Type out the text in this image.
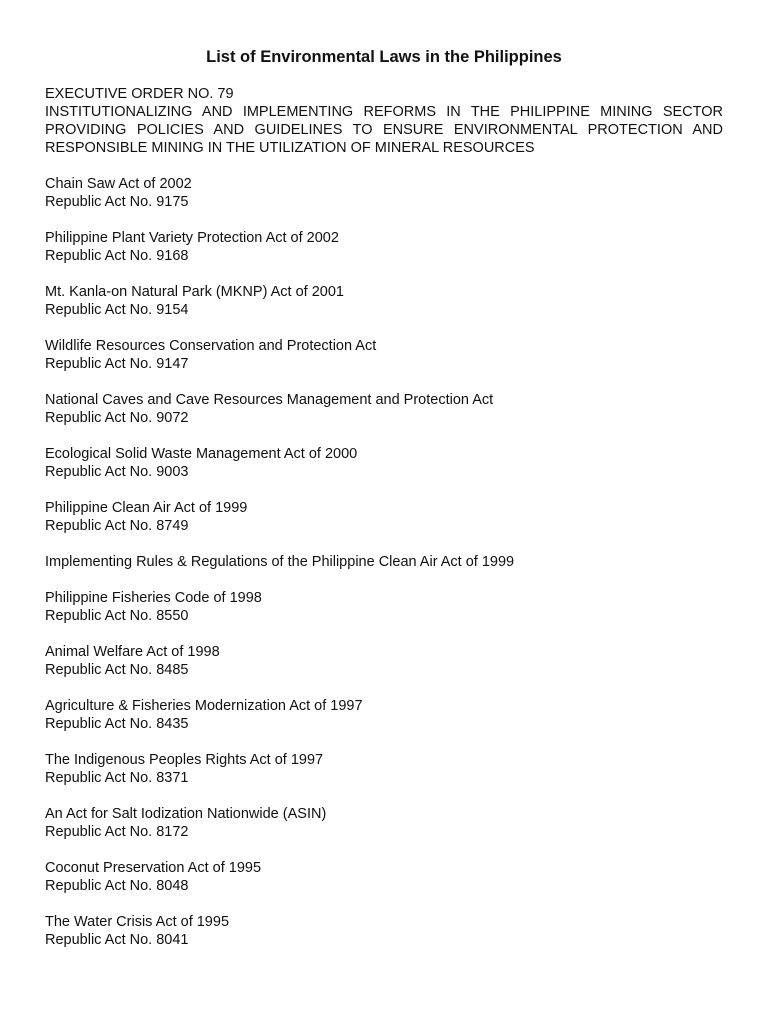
List of Environmental Laws in the Philippines
EXECUTIVE ORDER NO. 79
INSTITUTIONALIZING AND IMPLEMENTING REFORMS IN THE PHILIPPINE MINING SECTOR PROVIDING POLICIES AND GUIDELINES TO ENSURE ENVIRONMENTAL PROTECTION AND RESPONSIBLE MINING IN THE UTILIZATION OF MINERAL RESOURCES
Chain Saw Act of 2002
Republic Act No. 9175
Philippine Plant Variety Protection Act of 2002
Republic Act No. 9168
Mt. Kanla-on Natural Park (MKNP) Act of 2001
Republic Act No. 9154
Wildlife Resources Conservation and Protection Act
Republic Act No. 9147
National Caves and Cave Resources Management and Protection Act
Republic Act No. 9072
Ecological Solid Waste Management Act of 2000
Republic Act No. 9003
Philippine Clean Air Act of 1999
Republic Act No. 8749
Implementing Rules & Regulations of the Philippine Clean Air Act of 1999
Philippine Fisheries Code of 1998
Republic Act No. 8550
Animal Welfare Act of 1998
Republic Act No. 8485
Agriculture & Fisheries Modernization Act of 1997
Republic Act No. 8435
The Indigenous Peoples Rights Act of 1997
Republic Act No. 8371
An Act for Salt Iodization Nationwide (ASIN)
Republic Act No. 8172
Coconut Preservation Act of 1995
Republic Act No. 8048
The Water Crisis Act of 1995
Republic Act No. 8041
